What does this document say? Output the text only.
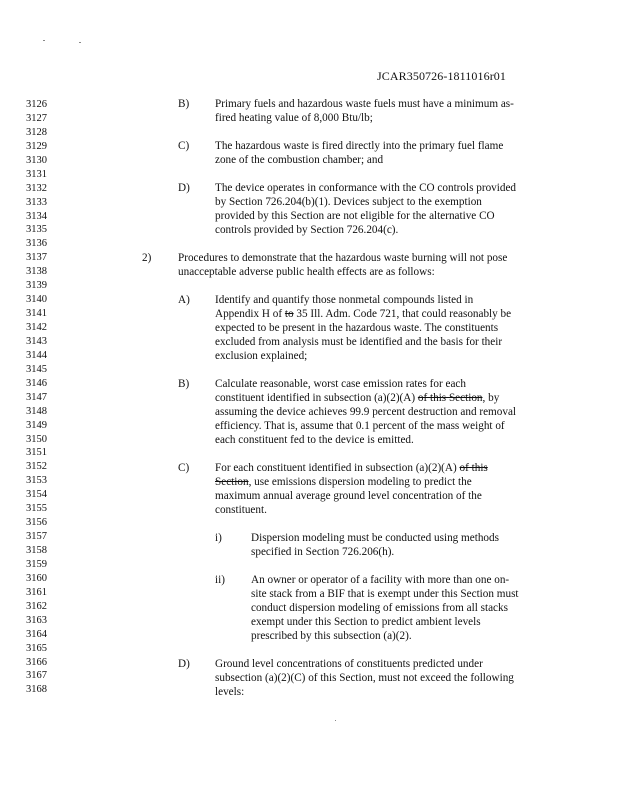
JCAR350726-1811016r01
3126
3127
3128
3129
3130
3131
3132
3133
3134
3135
3136
3137
3138
3139
3140
3141
3142
3143
3144
3145
3146
3147
3148
3149
3150
3151
3152
3153
3154
3155
3156
3157
3158
3159
3160
3161
3162
3163
3164
3165
3166
3167
3168
B) Primary fuels and hazardous waste fuels must have a minimum as-
fired heating value of 8,000 Btu/lb;
C) The hazardous waste is fired directly into the primary fuel flame
zone of the combustion chamber; and
D) The device operates in conformance with the CO controls provided
by Section 726.204(b)(1). Devices subject to the exemption
provided by this Section are not eligible for the alternative CO
controls provided by Section 726.204(c).
2) Procedures to demonstrate that the hazardous waste burning will not pose
unacceptable adverse public health effects are as follows:
A) Identify and quantify those nonmetal compounds listed in
Appendix H of to 35 Ill. Adm. Code 721, that could reasonably be
expected to be present in the hazardous waste. The constituents
excluded from analysis must be identified and the basis for their
exclusion explained;
B) Calculate reasonable, worst case emission rates for each
constituent identified in subsection (a)(2)(A) of this Section, by
assuming the device achieves 99.9 percent destruction and removal
efficiency. That is, assume that 0.1 percent of the mass weight of
each constituent fed to the device is emitted.
C) For each constituent identified in subsection (a)(2)(A) of this
Section, use emissions dispersion modeling to predict the
maximum annual average ground level concentration of the
constituent.
i)	Dispersion modeling must be conducted using methods
specified in Section 726.206(h).
ii) An owner or operator of a facility with more than one on-
site stack from a BIF that is exempt under this Section must
conduct dispersion modeling of emissions from all stacks
exempt under this Section to predict ambient levels
prescribed by this subsection (a)(2).
D) Ground level concentrations of constituents predicted under
subsection (a)(2)(C) of this Section, must not exceed the following
levels:
